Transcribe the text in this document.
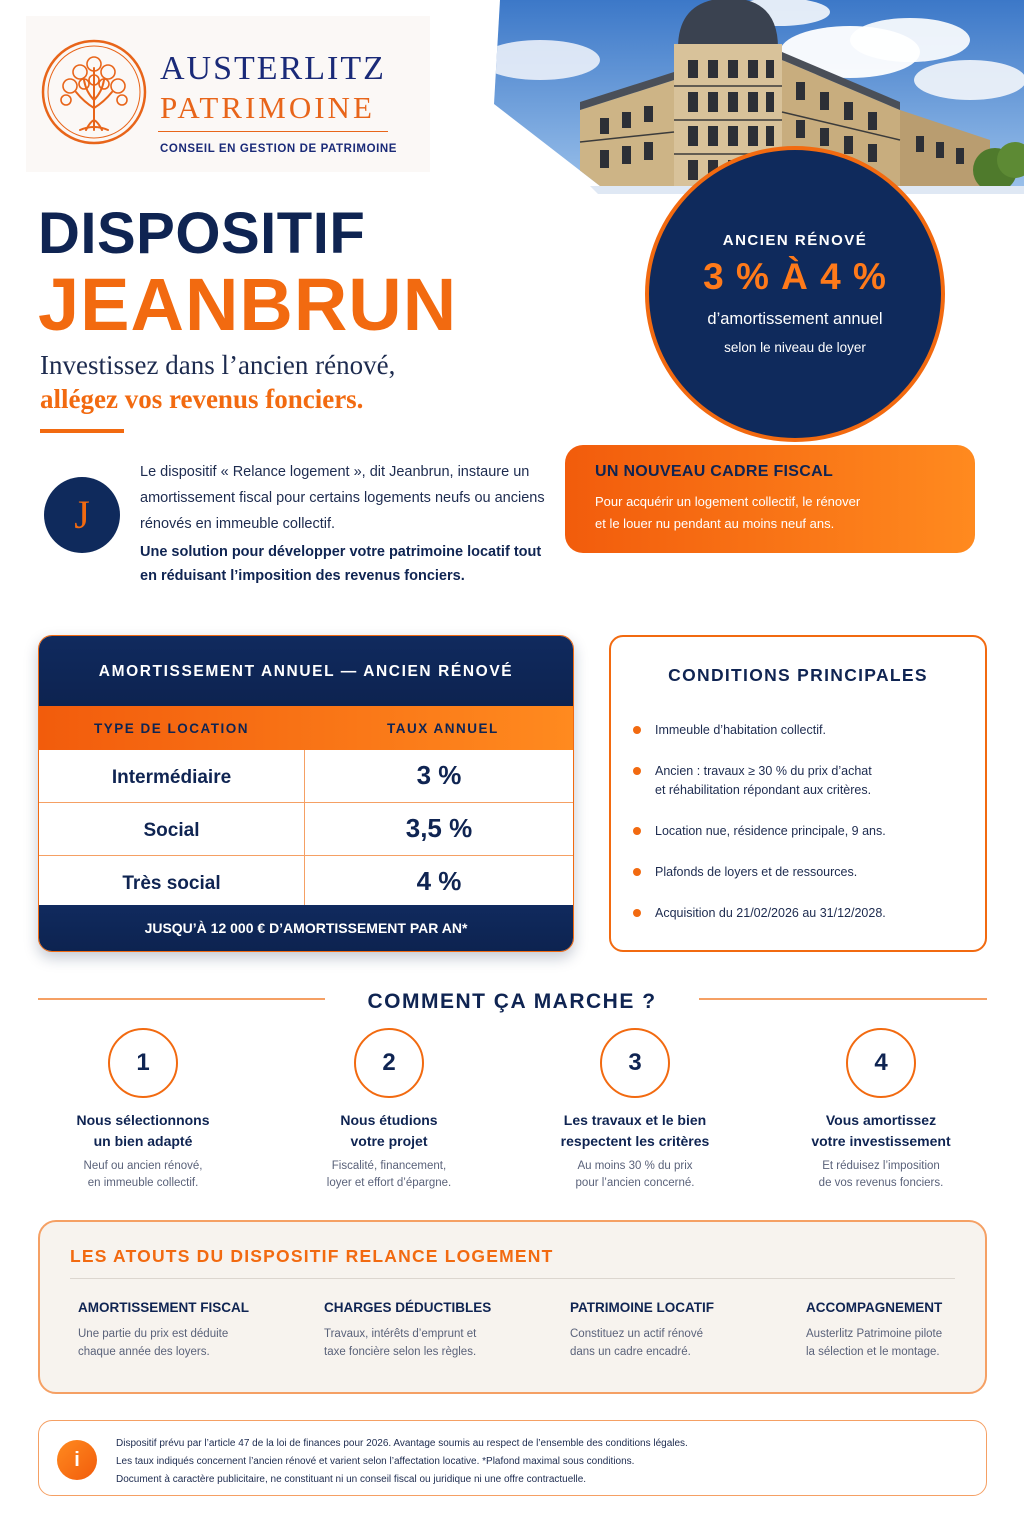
AUSTERLITZ
PATRIMOINE
CONSEIL EN GESTION DE PATRIMOINE
DISPOSITIF
JEANBRUN
Investissez dans l’ancien rénové,
allégez vos revenus fonciers.
ANCIEN RÉNOVÉ
3 % À 4 %
d’amortissement annuel
selon le niveau de loyer
J
Le dispositif « Relance logement », dit Jeanbrun, instaure un amortissement fiscal pour certains logements neufs ou anciens rénovés en immeuble collectif.
Une solution pour développer votre patrimoine locatif tout en réduisant l’imposition des revenus fonciers.
UN NOUVEAU CADRE FISCAL
Pour acquérir un logement collectif, le rénover
et le louer nu pendant au moins neuf ans.
AMORTISSEMENT ANNUEL — ANCIEN RÉNOVÉ
TYPE DE LOCATION	TAUX ANNUEL
Intermédiaire	3 %
Social	3,5 %
Très social	4 %
JUSQU’À 12 000 € D’AMORTISSEMENT PAR AN*
CONDITIONS PRINCIPALES
Immeuble d’habitation collectif.
Ancien : travaux ≥ 30 % du prix d’achat
et réhabilitation répondant aux critères.
Location nue, résidence principale, 9 ans.
Plafonds de loyers et de ressources.
Acquisition du 21/02/2026 au 31/12/2028.
COMMENT ÇA MARCHE ?
1
Nous sélectionnons
un bien adapté
Neuf ou ancien rénové,
en immeuble collectif.
2
Nous étudions
votre projet
Fiscalité, financement,
loyer et effort d’épargne.
3
Les travaux et le bien
respectent les critères
Au moins 30 % du prix
pour l’ancien concerné.
4
Vous amortissez
votre investissement
Et réduisez l’imposition
de vos revenus fonciers.
LES ATOUTS DU DISPOSITIF RELANCE LOGEMENT
AMORTISSEMENT FISCAL
Une partie du prix est déduite
chaque année des loyers.
CHARGES DÉDUCTIBLES
Travaux, intérêts d’emprunt et
taxe foncière selon les règles.
PATRIMOINE LOCATIF
Constituez un actif rénové
dans un cadre encadré.
ACCOMPAGNEMENT
Austerlitz Patrimoine pilote
la sélection et le montage.
i
Dispositif prévu par l’article 47 de la loi de finances pour 2026. Avantage soumis au respect de l’ensemble des conditions légales.
Les taux indiqués concernent l’ancien rénové et varient selon l’affectation locative. *Plafond maximal sous conditions.
Document à caractère publicitaire, ne constituant ni un conseil fiscal ou juridique ni une offre contractuelle.
